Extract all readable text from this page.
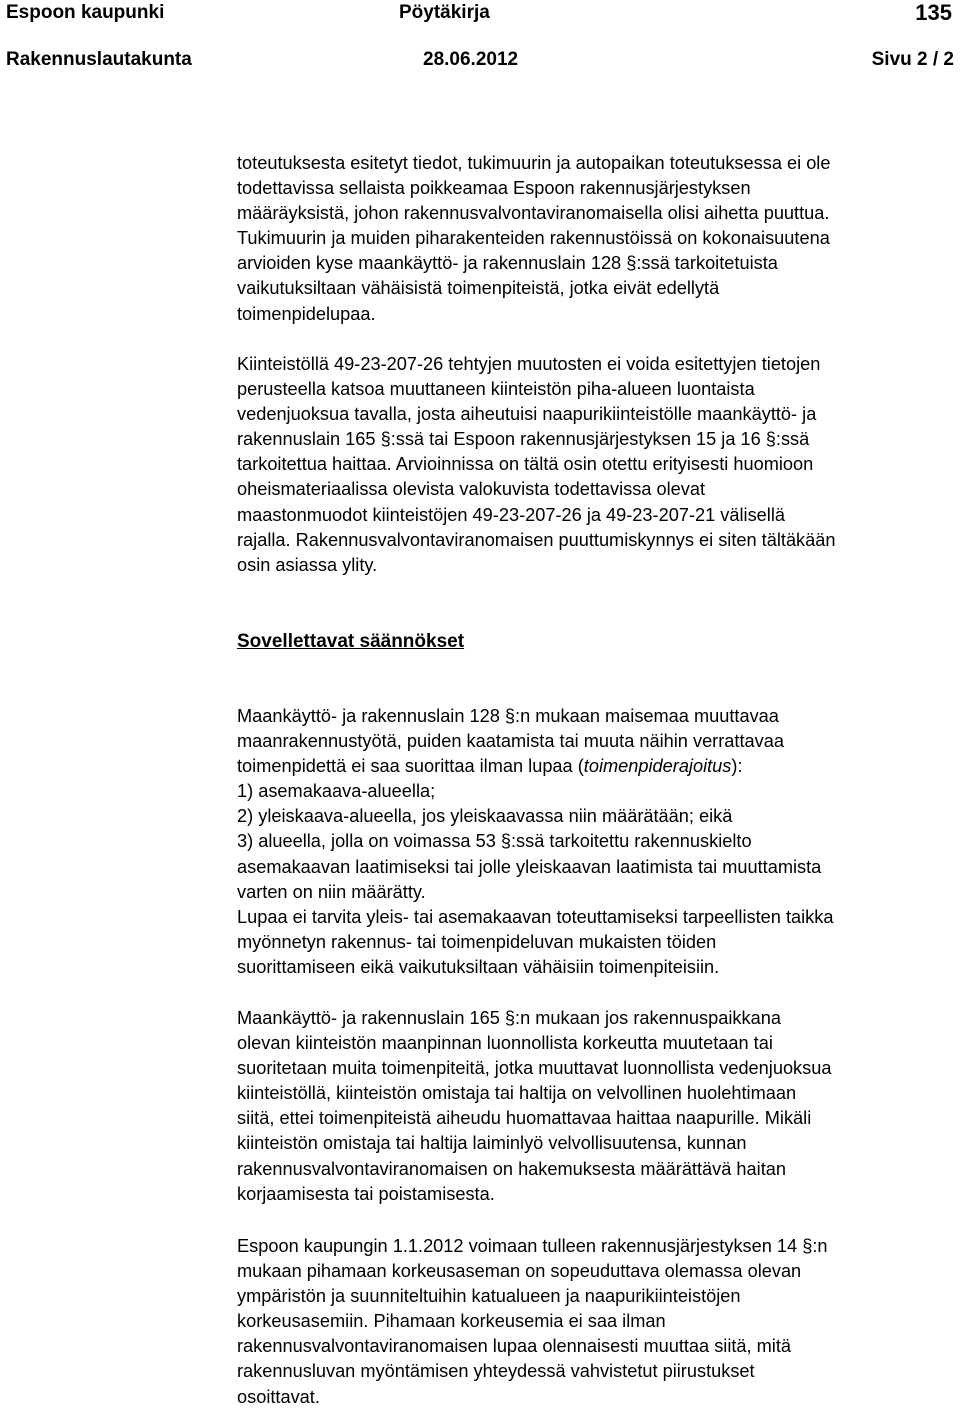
Espoon kaupunki	Pöytäkirja	135
Rakennuslautakunta	28.06.2012	Sivu 2 / 2

toteutuksesta esitetyt tiedot, tukimuurin ja autopaikan toteutuksessa ei ole
todettavissa sellaista poikkeamaa Espoon rakennusjärjestyksen
määräyksistä, johon rakennusvalvontaviranomaisella olisi aihetta puuttua.
Tukimuurin ja muiden piharakenteiden rakennustöissä on kokonaisuutena
arvioiden kyse maankäyttö- ja rakennuslain 128 §:ssä tarkoitetuista
vaikutuksiltaan vähäisistä toimenpiteistä, jotka eivät edellytä
toimenpidelupaa.

Kiinteistöllä 49-23-207-26 tehtyjen muutosten ei voida esitettyjen tietojen
perusteella katsoa muuttaneen kiinteistön piha-alueen luontaista
vedenjuoksua tavalla, josta aiheutuisi naapurikiinteistölle maankäyttö- ja
rakennuslain 165 §:ssä tai Espoon rakennusjärjestyksen 15 ja 16 §:ssä
tarkoitettua haittaa. Arvioinnissa on tältä osin otettu erityisesti huomioon
oheismateriaalissa olevista valokuvista todettavissa olevat
maastonmuodot kiinteistöjen 49-23-207-26 ja 49-23-207-21 välisellä
rajalla. Rakennusvalvontaviranomaisen puuttumiskynnys ei siten tältäkään
osin asiassa ylity.

Sovellettavat säännökset

Maankäyttö- ja rakennuslain 128 §:n mukaan maisemaa muuttavaa
maanrakennustyötä, puiden kaatamista tai muuta näihin verrattavaa
toimenpidettä ei saa suorittaa ilman lupaa (toimenpiderajoitus):
1) asemakaava-alueella;
2) yleiskaava-alueella, jos yleiskaavassa niin määrätään; eikä
3) alueella, jolla on voimassa 53 §:ssä tarkoitettu rakennuskielto
asemakaavan laatimiseksi tai jolle yleiskaavan laatimista tai muuttamista
varten on niin määrätty.
Lupaa ei tarvita yleis- tai asemakaavan toteuttamiseksi tarpeellisten taikka
myönnetyn rakennus- tai toimenpideluvan mukaisten töiden
suorittamiseen eikä vaikutuksiltaan vähäisiin toimenpiteisiin.

Maankäyttö- ja rakennuslain 165 §:n mukaan jos rakennuspaikkana
olevan kiinteistön maanpinnan luonnollista korkeutta muutetaan tai
suoritetaan muita toimenpiteitä, jotka muuttavat luonnollista vedenjuoksua
kiinteistöllä, kiinteistön omistaja tai haltija on velvollinen huolehtimaan
siitä, ettei toimenpiteistä aiheudu huomattavaa haittaa naapurille. Mikäli
kiinteistön omistaja tai haltija laiminlyö velvollisuutensa, kunnan
rakennusvalvontaviranomaisen on hakemuksesta määrättävä haitan
korjaamisesta tai poistamisesta.

Espoon kaupungin 1.1.2012 voimaan tulleen rakennusjärjestyksen 14 §:n
mukaan pihamaan korkeusaseman on sopeuduttava olemassa olevan
ympäristön ja suunniteltuihin katualueen ja naapurikiinteistöjen
korkeusasemiin. Pihamaan korkeusemia ei saa ilman
rakennusvalvontaviranomaisen lupaa olennaisesti muuttaa siitä, mitä
rakennusluvan myöntämisen yhteydessä vahvistetut piirustukset
osoittavat.
